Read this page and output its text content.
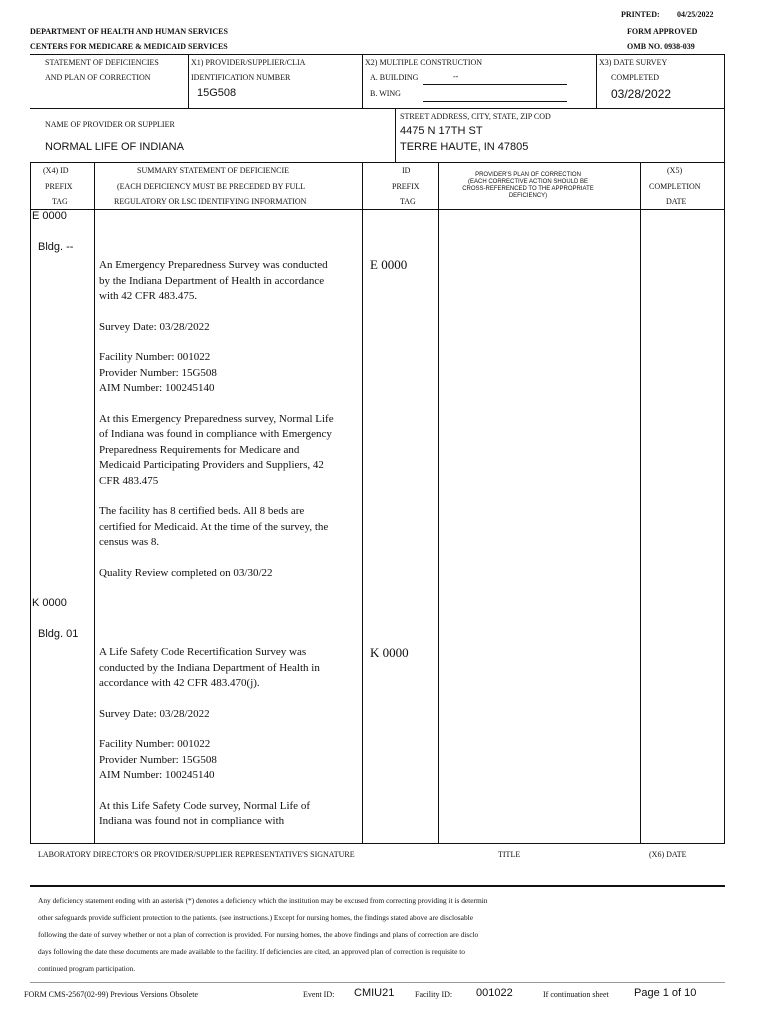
PRINTED: 04/25/2022
DEPARTMENT OF HEALTH AND HUMAN SERVICES	FORM APPROVED
CENTERS FOR MEDICARE & MEDICAID SERVICES	OMB NO. 0938-039
STATEMENT OF DEFICIENCIES
AND PLAN OF CORRECTION
X1) PROVIDER/SUPPLIER/CLIA
IDENTIFICATION NUMBER
15G508
X2) MULTIPLE CONSTRUCTION
A. BUILDING	--
B. WING
X3) DATE SURVEY
COMPLETED
03/28/2022
NAME OF PROVIDER OR SUPPLIER
NORMAL LIFE OF INDIANA
STREET ADDRESS, CITY, STATE, ZIP COD
4475 N 17TH ST
TERRE HAUTE, IN 47805
(X4) ID
PREFIX
TAG
SUMMARY STATEMENT OF DEFICIENCIE
(EACH DEFICIENCY MUST BE PRECEDED BY FULL
REGULATORY OR LSC IDENTIFYING INFORMATION
ID
PREFIX
TAG
PROVIDER'S PLAN OF CORRECTION
(EACH CORRECTIVE ACTION SHOULD BE
CROSS-REFERENCED TO THE APPROPRIATE
DEFICIENCY)
(X5)
COMPLETION
DATE
E 0000
Bldg. --
E 0000
An Emergency Preparedness Survey was conducted by the Indiana Department of Health in accordance with 42 CFR 483.475.
Survey Date: 03/28/2022
Facility Number: 001022
Provider Number: 15G508
AIM Number: 100245140
At this Emergency Preparedness survey, Normal Life of Indiana was found in compliance with Emergency Preparedness Requirements for Medicare and Medicaid Participating Providers and Suppliers, 42 CFR 483.475
The facility has 8 certified beds. All 8 beds are certified for Medicaid. At the time of the survey, the census was 8.
Quality Review completed on 03/30/22
K 0000
Bldg. 01
K 0000
A Life Safety Code Recertification Survey was conducted by the Indiana Department of Health in accordance with 42 CFR 483.470(j).
Survey Date: 03/28/2022
Facility Number: 001022
Provider Number: 15G508
AIM Number: 100245140
At this Life Safety Code survey, Normal Life of Indiana was found not in compliance with
LABORATORY DIRECTOR'S OR PROVIDER/SUPPLIER REPRESENTATIVE'S SIGNATURE	TITLE	(X6) DATE
Any deficiency statement ending with an asterisk (*) denotes a deficiency which the institution may be excused from correcting providing it is determin
other safeguards provide sufficient protection to the patients. (see instructions.) Except for nursing homes, the findings stated above are disclosable
following the date of survey whether or not a plan of correction is provided. For nursing homes, the above findings and plans of correction are disclo
days following the date these documents are made available to the facility. If deficiencies are cited, an approved plan of correction is requisite to
continued program participation.
FORM CMS-2567(02-99) Previous Versions Obsolete	Event ID: CMIU21	Facility ID: 001022	If continuation sheet Page 1 of 10
